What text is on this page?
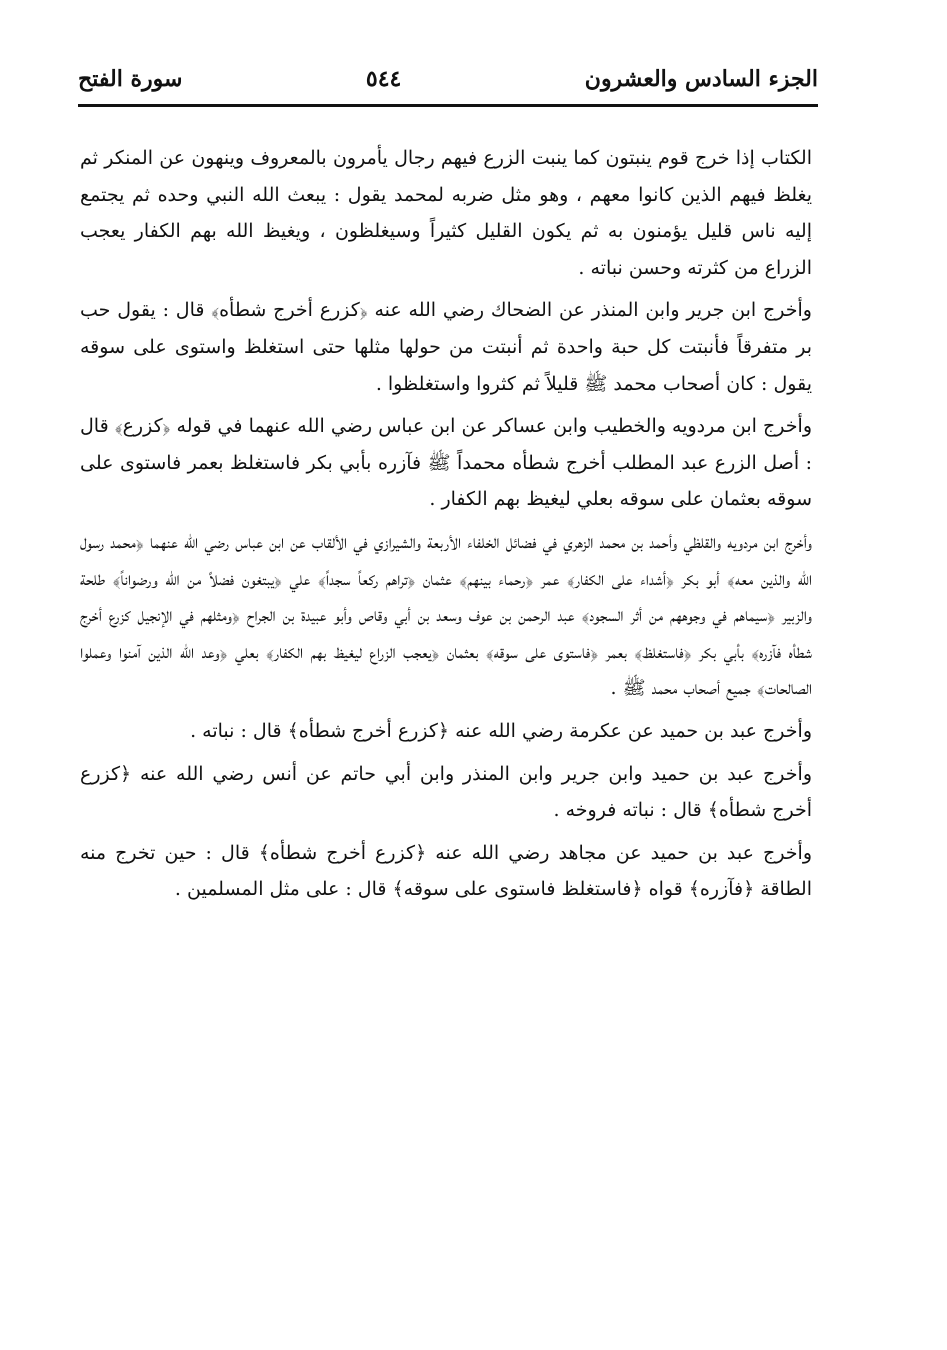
الجزء السادس والعشرون
٥٤٤
سورة الفتح

الكتاب إذا خرج قوم ينبتون كما ينبت الزرع فيهم رجال يأمرون بالمعروف وينهون عن المنكر ثم يغلظ فيهم الذين كانوا معهم ، وهو مثل ضربه لمحمد يقول : يبعث الله النبي وحده ثم يجتمع إليه ناس قليل يؤمنون به ثم يكون القليل كثيراً وسيغلظون ، ويغيظ الله بهم الكفار يعجب الزراع من كثرته وحسن نباته .

وأخرج ابن جرير وابن المنذر عن الضحاك رضي الله عنه ﴿كزرع أخرج شطأه﴾ قال : يقول حب بر متفرقاً فأنبتت كل حبة واحدة ثم أنبتت من حولها مثلها حتى استغلظ واستوى على سوقه يقول : كان أصحاب محمد ﷺ قليلاً ثم كثروا واستغلظوا .

وأخرج ابن مردويه والخطيب وابن عساكر عن ابن عباس رضي الله عنهما في قوله ﴿كزرع﴾ قال : أصل الزرع عبد المطلب أخرج شطأه محمداً ﷺ فآزره بأبي بكر فاستغلظ بعمر فاستوى على سوقه بعثمان على سوقه بعلي ليغيظ بهم الكفار .

وأخرج ابن مردويه والقلظي وأحمد بن محمد الزهري في فضائل الخلفاء الأربعة والشيرازي في الألقاب عن ابن عباس رضي الله عنهما ﴿محمد رسول الله والذين معه﴾ أبو بكر ﴿أشداء على الكفار﴾ عمر ﴿رحماء بينهم﴾ عثمان ﴿تراهم ركعاً سجداً﴾ علي ﴿يبتغون فضلاً من الله ورضواناً﴾ طلحة والزبير ﴿سيماهم في وجوههم من أثر السجود﴾ عبد الرحمن بن عوف وسعد بن أبي وقاص وأبو عبيدة بن الجراح ﴿ومثلهم في الإنجيل كزرع أخرج شطأه فآزره﴾ بأبي بكر ﴿فاستغلظ﴾ بعمر ﴿فاستوى على سوقه﴾ بعثمان ﴿يعجب الزراع ليغيظ بهم الكفار﴾ بعلي ﴿وعد الله الذين آمنوا وعملوا الصالحات﴾ جميع أصحاب محمد ﷺ .

وأخرج عبد بن حميد عن عكرمة رضي الله عنه ﴿كزرع أخرج شطأه﴾ قال : نباته .

وأخرج عبد بن حميد وابن جرير وابن المنذر وابن أبي حاتم عن أنس رضي الله عنه ﴿كزرع أخرج شطأه﴾ قال : نباته فروخه .

وأخرج عبد بن حميد عن مجاهد رضي الله عنه ﴿كزرع أخرج شطأه﴾ قال : حين تخرج منه الطاقة ﴿فآزره﴾ قواه ﴿فاستغلظ فاستوى على سوقه﴾ قال : على مثل المسلمين .
